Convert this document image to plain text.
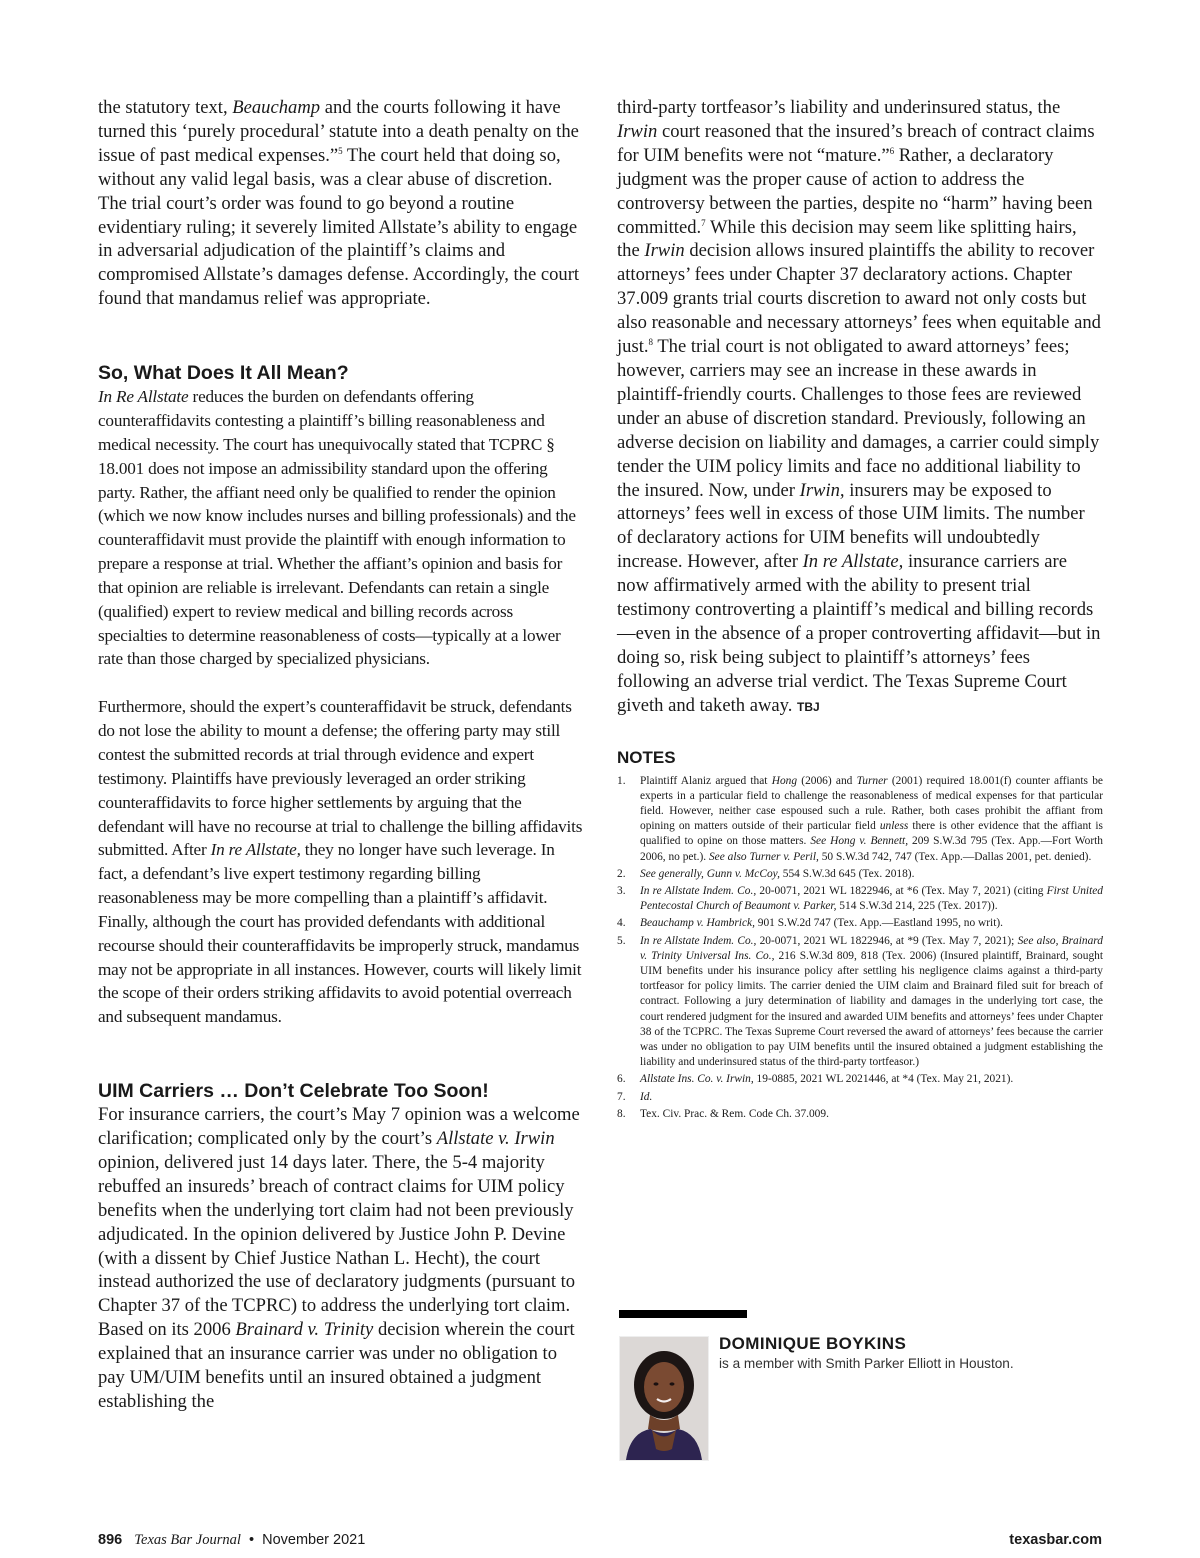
the statutory text, Beauchamp and the courts following it have turned this ‘purely procedural’ statute into a death penalty on the issue of past medical expenses.”$^5$ The court held that doing so, without any valid legal basis, was a clear abuse of discretion. The trial court’s order was found to go beyond a routine evidentiary ruling; it severely limited Allstate’s ability to engage in adversarial adjudication of the plaintiff’s claims and compromised Allstate’s damages defense. Accordingly, the court found that mandamus relief was appropriate.

So, What Does It All Mean?

In Re Allstate reduces the burden on defendants offering counteraffidavits contesting a plaintiff’s billing reasonableness and medical necessity. The court has unequivocally stated that TCPRC § 18.001 does not impose an admissibility standard upon the offering party. Rather, the affiant need only be qualified to render the opinion (which we now know includes nurses and billing professionals) and the counteraffidavit must provide the plaintiff with enough information to prepare a response at trial. Whether the affiant’s opinion and basis for that opinion are reliable is irrelevant. Defendants can retain a single (qualified) expert to review medical and billing records across specialties to determine reasonableness of costs—typically at a lower rate than those charged by specialized physicians.

Furthermore, should the expert’s counteraffidavit be struck, defendants do not lose the ability to mount a defense; the offering party may still contest the submitted records at trial through evidence and expert testimony. Plaintiffs have previously leveraged an order striking counteraffidavits to force higher settlements by arguing that the defendant will have no recourse at trial to challenge the billing affidavits submitted. After In re Allstate, they no longer have such leverage. In fact, a defendant’s live expert testimony regarding billing reasonableness may be more compelling than a plaintiff’s affidavit. Finally, although the court has provided defendants with additional recourse should their counteraffidavits be improperly struck, mandamus may not be appropriate in all instances. However, courts will likely limit the scope of their orders striking affidavits to avoid potential overreach and subsequent mandamus.

UIM Carriers … Don’t Celebrate Too Soon!

For insurance carriers, the court’s May 7 opinion was a welcome clarification; complicated only by the court’s Allstate v. Irwin opinion, delivered just 14 days later. There, the 5-4 majority rebuffed an insureds’ breach of contract claims for UIM policy benefits when the underlying tort claim had not been previously adjudicated. In the opinion delivered by Justice John P. Devine (with a dissent by Chief Justice Nathan L. Hecht), the court instead authorized the use of declaratory judgments (pursuant to Chapter 37 of the TCPRC) to address the underlying tort claim. Based on its 2006 Brainard v. Trinity decision wherein the court explained that an insurance carrier was under no obligation to pay UM/UIM benefits until an insured obtained a judgment establishing the

third-party tortfeasor’s liability and underinsured status, the Irwin court reasoned that the insured’s breach of contract claims for UIM benefits were not “mature.”$^6$ Rather, a declaratory judgment was the proper cause of action to address the controversy between the parties, despite no “harm” having been committed.$^7$ While this decision may seem like splitting hairs, the Irwin decision allows insured plaintiffs the ability to recover attorneys’ fees under Chapter 37 declaratory actions. Chapter 37.009 grants trial courts discretion to award not only costs but also reasonable and necessary attorneys’ fees when equitable and just.$^8$ The trial court is not obligated to award attorneys’ fees; however, carriers may see an increase in these awards in plaintiff-friendly courts. Challenges to those fees are reviewed under an abuse of discretion standard. Previously, following an adverse decision on liability and damages, a carrier could simply tender the UIM policy limits and face no additional liability to the insured. Now, under Irwin, insurers may be exposed to attorneys’ fees well in excess of those UIM limits. The number of declaratory actions for UIM benefits will undoubtedly increase. However, after In re Allstate, insurance carriers are now affirmatively armed with the ability to present trial testimony controverting a plaintiff’s medical and billing records—even in the absence of a proper controverting affidavit—but in doing so, risk being subject to plaintiff’s attorneys’ fees following an adverse trial verdict. The Texas Supreme Court giveth and taketh away. TBJ

NOTES

1. Plaintiff Alaniz argued that Hong (2006) and Turner (2001) required 18.001(f) counter affiants be experts in a particular field to challenge the reasonableness of medical expenses for that particular field. However, neither case espoused such a rule. Rather, both cases prohibit the affiant from opining on matters outside of their particular field unless there is other evidence that the affiant is qualified to opine on those matters. See Hong v. Bennett, 209 S.W.3d 795 (Tex. App.—Fort Worth 2006, no pet.). See also Turner v. Peril, 50 S.W.3d 742, 747 (Tex. App.—Dallas 2001, pet. denied).
2. See generally, Gunn v. McCoy, 554 S.W.3d 645 (Tex. 2018).
3. In re Allstate Indem. Co., 20-0071, 2021 WL 1822946, at *6 (Tex. May 7, 2021) (citing First United Pentecostal Church of Beaumont v. Parker, 514 S.W.3d 214, 225 (Tex. 2017)).
4. Beauchamp v. Hambrick, 901 S.W.2d 747 (Tex. App.—Eastland 1995, no writ).
5. In re Allstate Indem. Co., 20-0071, 2021 WL 1822946, at *9 (Tex. May 7, 2021); See also, Brainard v. Trinity Universal Ins. Co., 216 S.W.3d 809, 818 (Tex. 2006) (Insured plaintiff, Brainard, sought UIM benefits under his insurance policy after settling his negligence claims against a third-party tortfeasor for policy limits. The carrier denied the UIM claim and Brainard filed suit for breach of contract. Following a jury determination of liability and damages in the underlying tort case, the court rendered judgment for the insured and awarded UIM benefits and attorneys’ fees under Chapter 38 of the TCPRC. The Texas Supreme Court reversed the award of attorneys’ fees because the carrier was under no obligation to pay UIM benefits until the insured obtained a judgment establishing the liability and underinsured status of the third-party tortfeasor.)
6. Allstate Ins. Co. v. Irwin, 19-0885, 2021 WL 2021446, at *4 (Tex. May 21, 2021).
7. Id.
8. Tex. Civ. Prac. & Rem. Code Ch. 37.009.

DOMINIQUE BOYKINS

is a member with Smith Parker Elliott in Houston.

896 Texas Bar Journal • November 2021	texasbar.com
